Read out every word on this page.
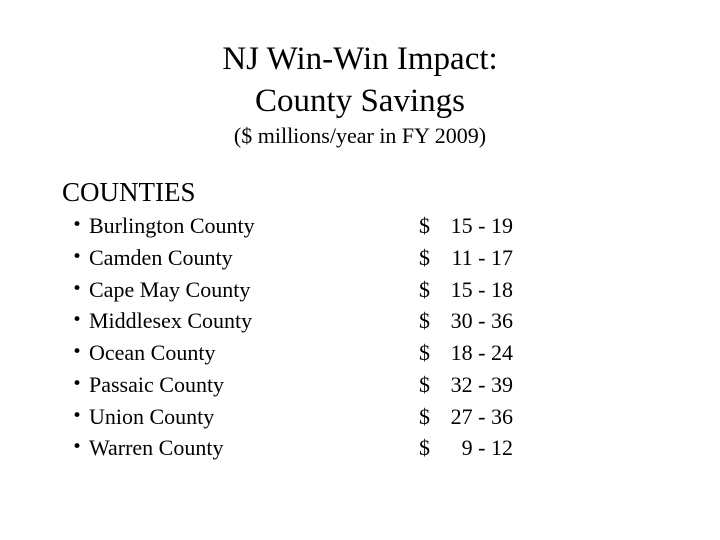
NJ Win-Win Impact:
County Savings
($ millions/year in FY 2009)
COUNTIES
• Burlington County	$ 15 - 19
• Camden County	$ 11 - 17
• Cape May County	$ 15 - 18
• Middlesex County	$ 30 - 36
• Ocean County	$ 18 - 24
• Passaic County	$ 32 - 39
• Union County	$ 27 - 36
• Warren County	$	9 - 12
